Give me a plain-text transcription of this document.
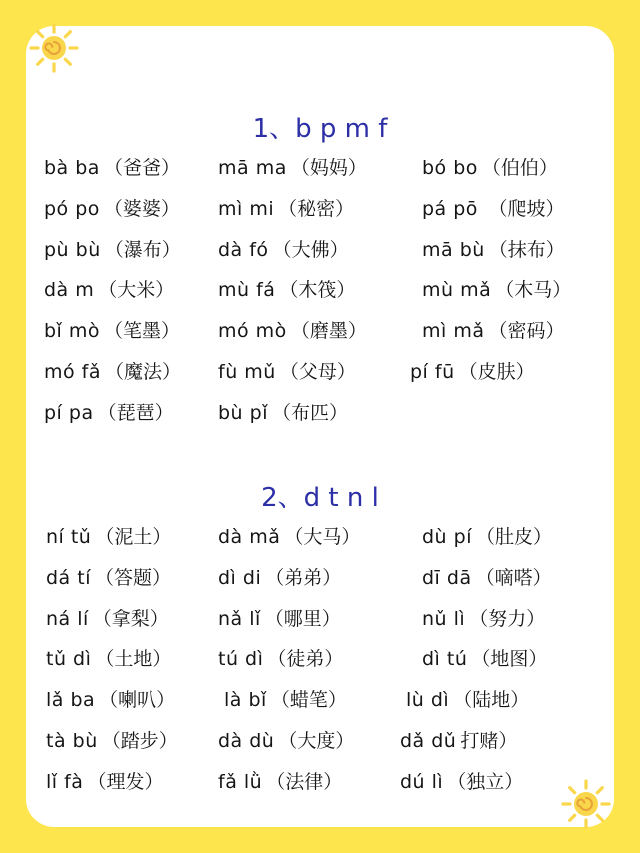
1、b p m f
bà ba （爸爸） mā ma （妈妈）	bó bo （伯伯）
pó po （婆婆） mì mi （秘密）	pá pō （爬坡）
pù bù （瀑布） dà fó （大佛）	mā bù （抹布）
dà m （大米） mù fá （木筏）	mù mǎ （木马）
bǐ mò （笔墨） mó mò （磨墨）	mì mǎ （密码）
mó fǎ （魔法） fù mǔ （父母）	pí fū （皮肤）
pí pa （琵琶） bù pǐ （布匹）
2、d t n l
ní tǔ （泥土） dà mǎ （大马）	dù pí （肚皮）
dá tí （答题） dì di （弟弟）	dī dā （嘀嗒）
ná lí （拿梨）	nǎ lǐ （哪里）	nǔ lì （努力）
tǔ dì （土地） tú dì （徒弟）	dì tú （地图）
lǎ ba （喇叭）	là bǐ （蜡笔）	lù dì （陆地）
tà bù （踏步） dà dù （大度） dǎ dǔ 打赌）
lǐ fà （理发）	fǎ lǜ （法律）	dú lì （独立）
